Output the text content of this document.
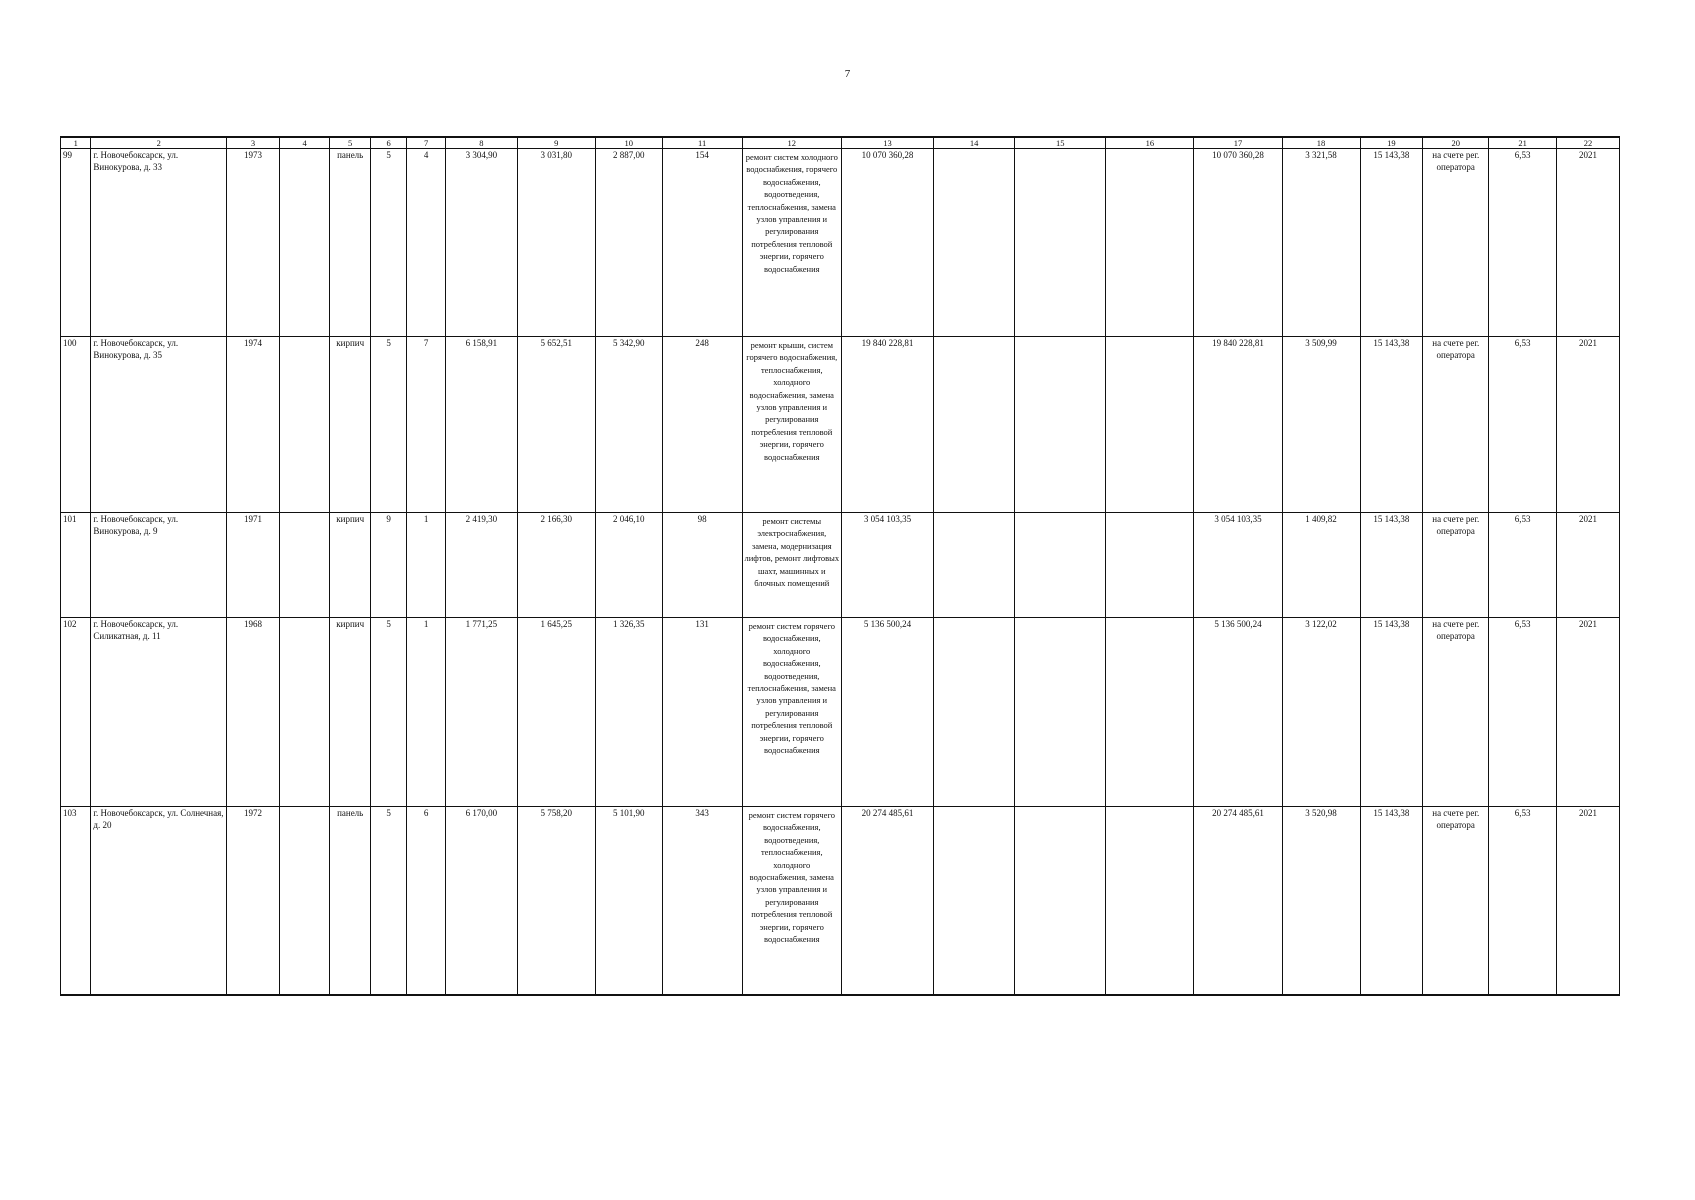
7
1	2	3	4	5	6	7	8	9	10	11	12	13	14	15	16	17	18	19	20	21	22
99	г. Новочебоксарск, ул. Винокурова, д. 33	1973		панель	5	4	3 304,90	3 031,80	2 887,00	154	ремонт систем холодного водоснабжения, горячего водоснабжения, водоотведения, теплоснабжения, замена узлов управления и регулирования потребления тепловой энергии, горячего водоснабжения	10 070 360,28				10 070 360,28	3 321,58	15 143,38	на счете рег. оператора	6,53	2021
100	г. Новочебоксарск, ул. Винокурова, д. 35	1974		кирпич	5	7	6 158,91	5 652,51	5 342,90	248	ремонт крыши, систем горячего водоснабжения, теплоснабжения, холодного водоснабжения, замена узлов управления и регулирования потребления тепловой энергии, горячего водоснабжения	19 840 228,81				19 840 228,81	3 509,99	15 143,38	на счете рег. оператора	6,53	2021
101	г. Новочебоксарск, ул. Винокурова, д. 9	1971		кирпич	9	1	2 419,30	2 166,30	2 046,10	98	ремонт системы электроснабжения, замена, модернизация лифтов, ремонт лифтовых шахт, машинных и блочных помещений	3 054 103,35				3 054 103,35	1 409,82	15 143,38	на счете рег. оператора	6,53	2021
102	г. Новочебоксарск, ул. Силикатная, д. 11	1968		кирпич	5	1	1 771,25	1 645,25	1 326,35	131	ремонт систем горячего водоснабжения, холодного водоснабжения, водоотведения, теплоснабжения, замена узлов управления и регулирования потребления тепловой энергии, горячего водоснабжения	5 136 500,24				5 136 500,24	3 122,02	15 143,38	на счете рег. оператора	6,53	2021
103	г. Новочебоксарск, ул. Солнечная, д. 20	1972		панель	5	6	6 170,00	5 758,20	5 101,90	343	ремонт систем горячего водоснабжения, водоотведения, теплоснабжения, холодного водоснабжения, замена узлов управления и регулирования потребления тепловой энергии, горячего водоснабжения	20 274 485,61				20 274 485,61	3 520,98	15 143,38	на счете рег. оператора	6,53	2021
